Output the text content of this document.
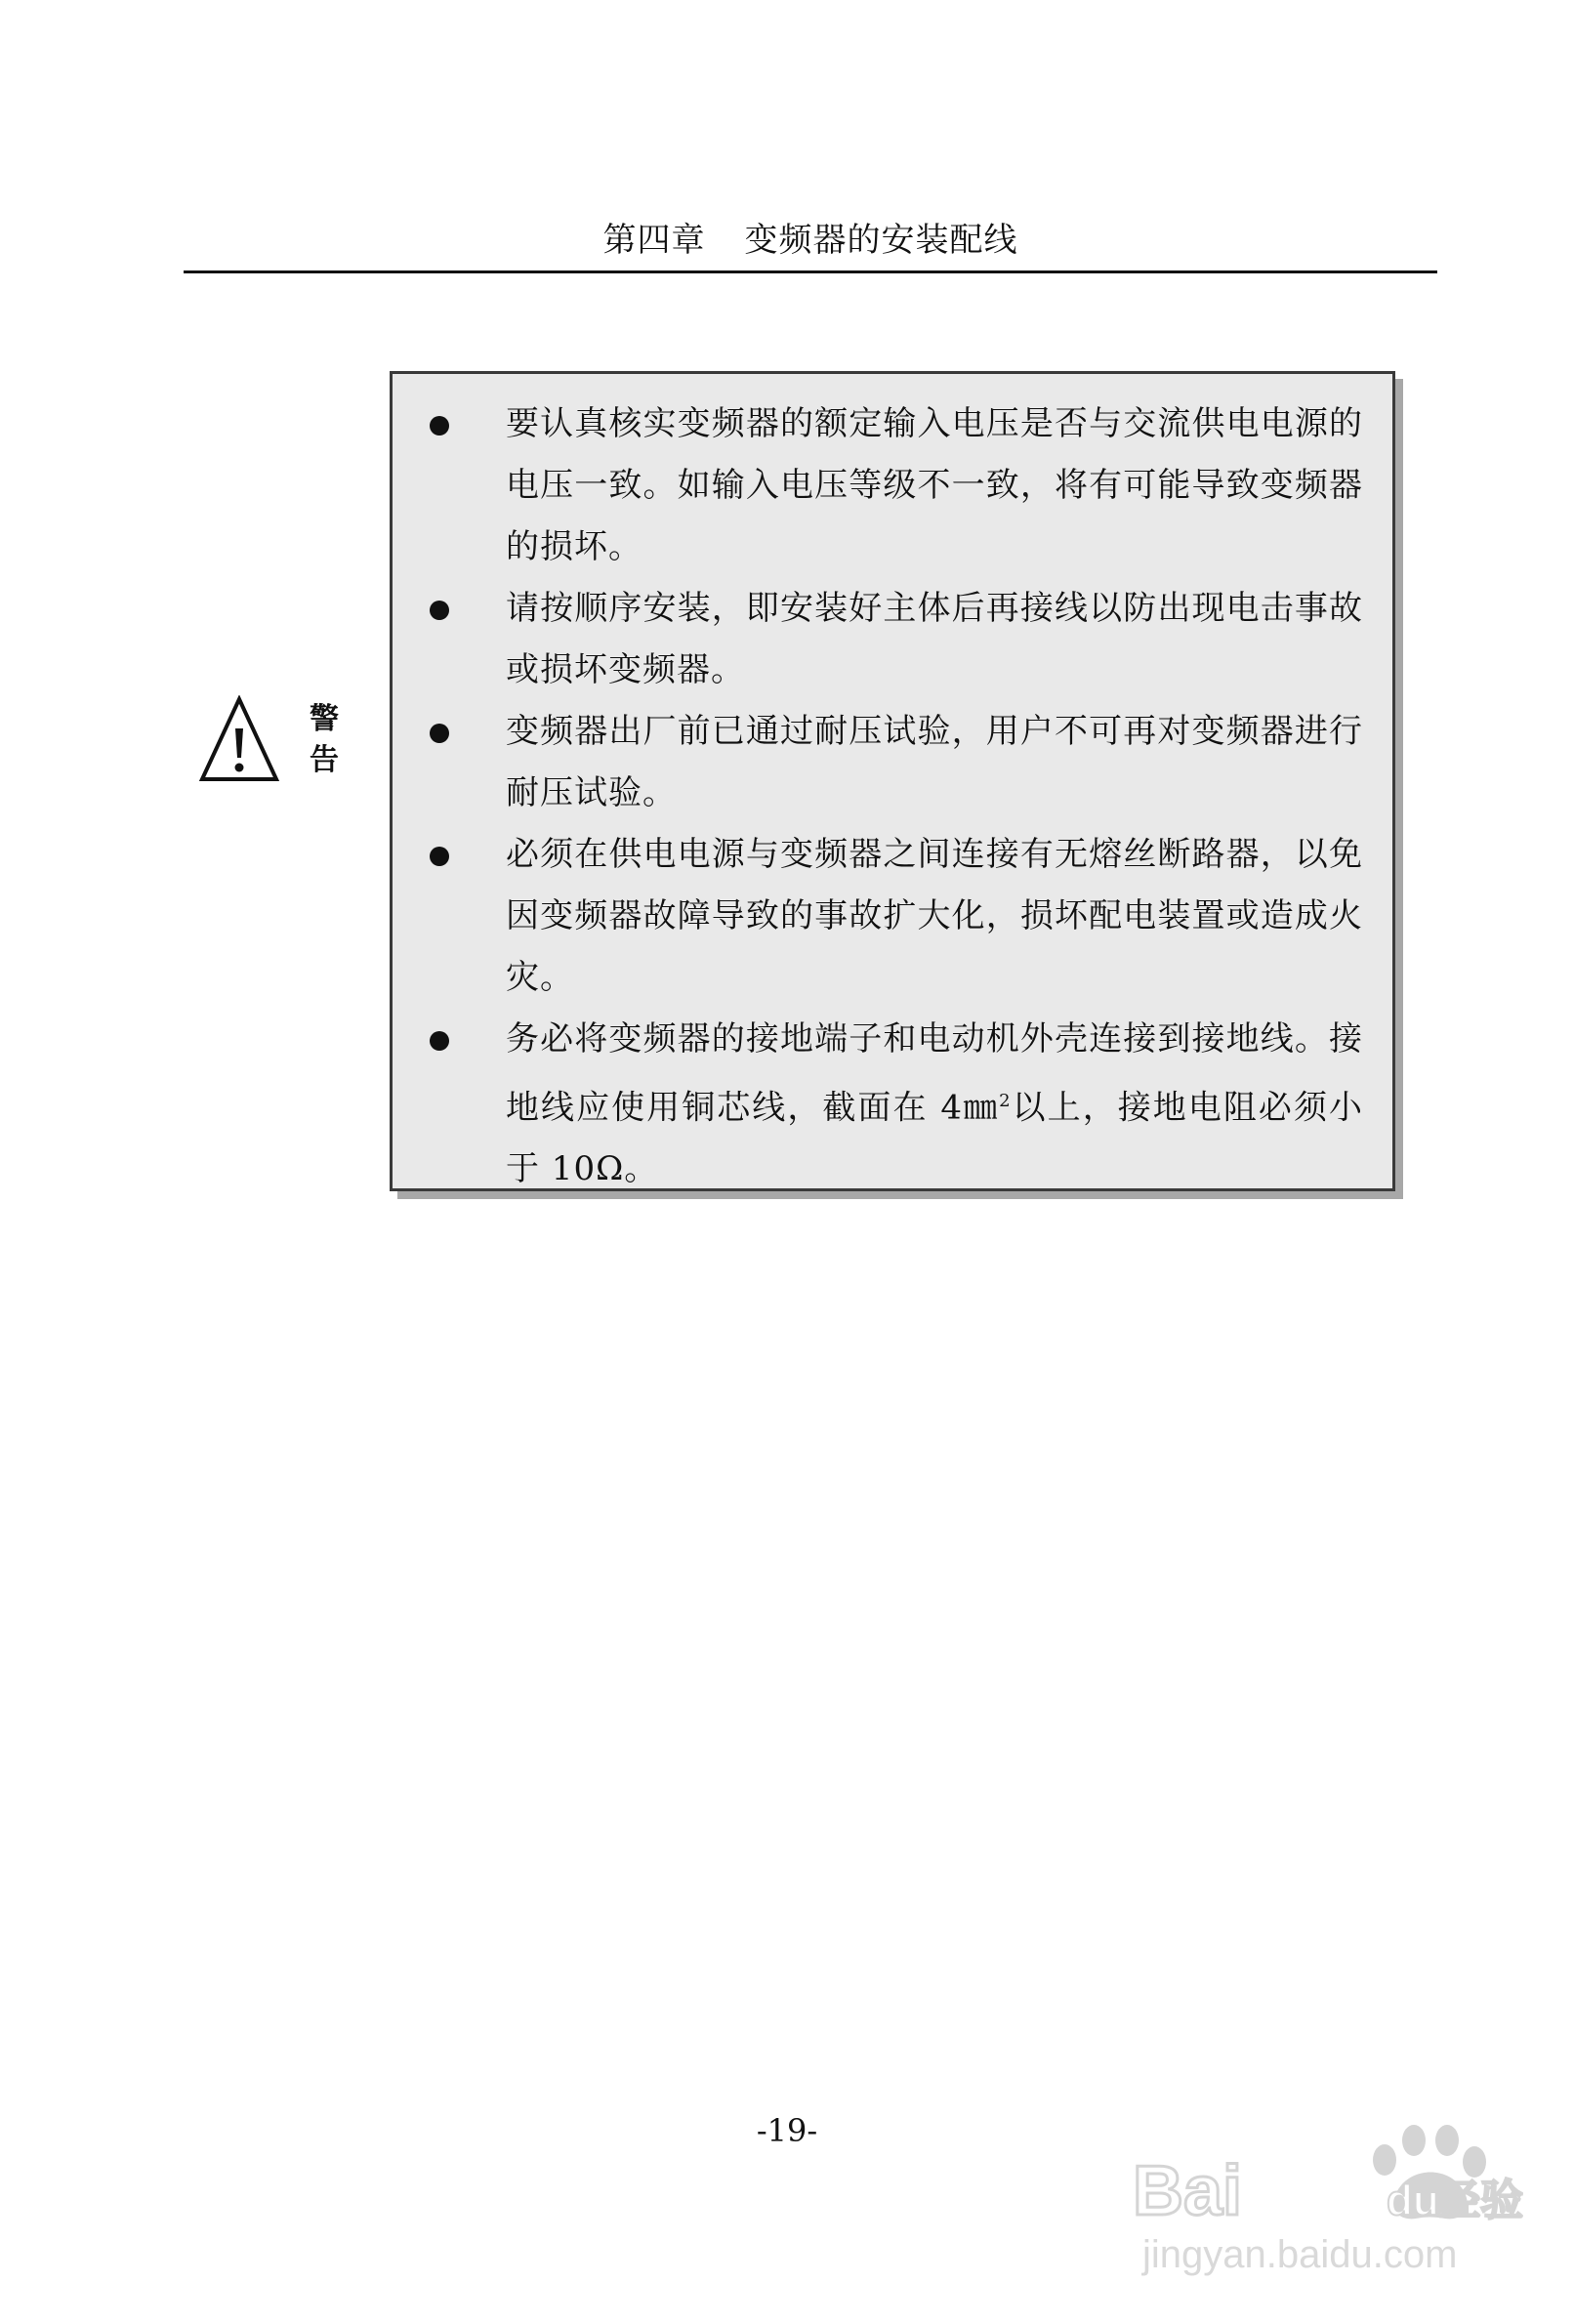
第四章 变频器的安装配线
警
告
要认真核实变频器的额定输入电压是否与交流供电电源的电压一致。如输入电压等级不一致，将有可能导致变频器的损坏。
请按顺序安装，即安装好主体后再接线以防出现电击事故或损坏变频器。
变频器出厂前已通过耐压试验，用户不可再对变频器进行耐压试验。
必须在供电电源与变频器之间连接有无熔丝断路器，以免因变频器故障导致的事故扩大化，损坏配电装置或造成火灾。
务必将变频器的接地端子和电动机外壳连接到接地线。接地线应使用铜芯线，截面在 4㎜$^2$以上，接地电阻必须小于 10Ω。
-19-
Bai	du
经验
jingyan.baidu.com
